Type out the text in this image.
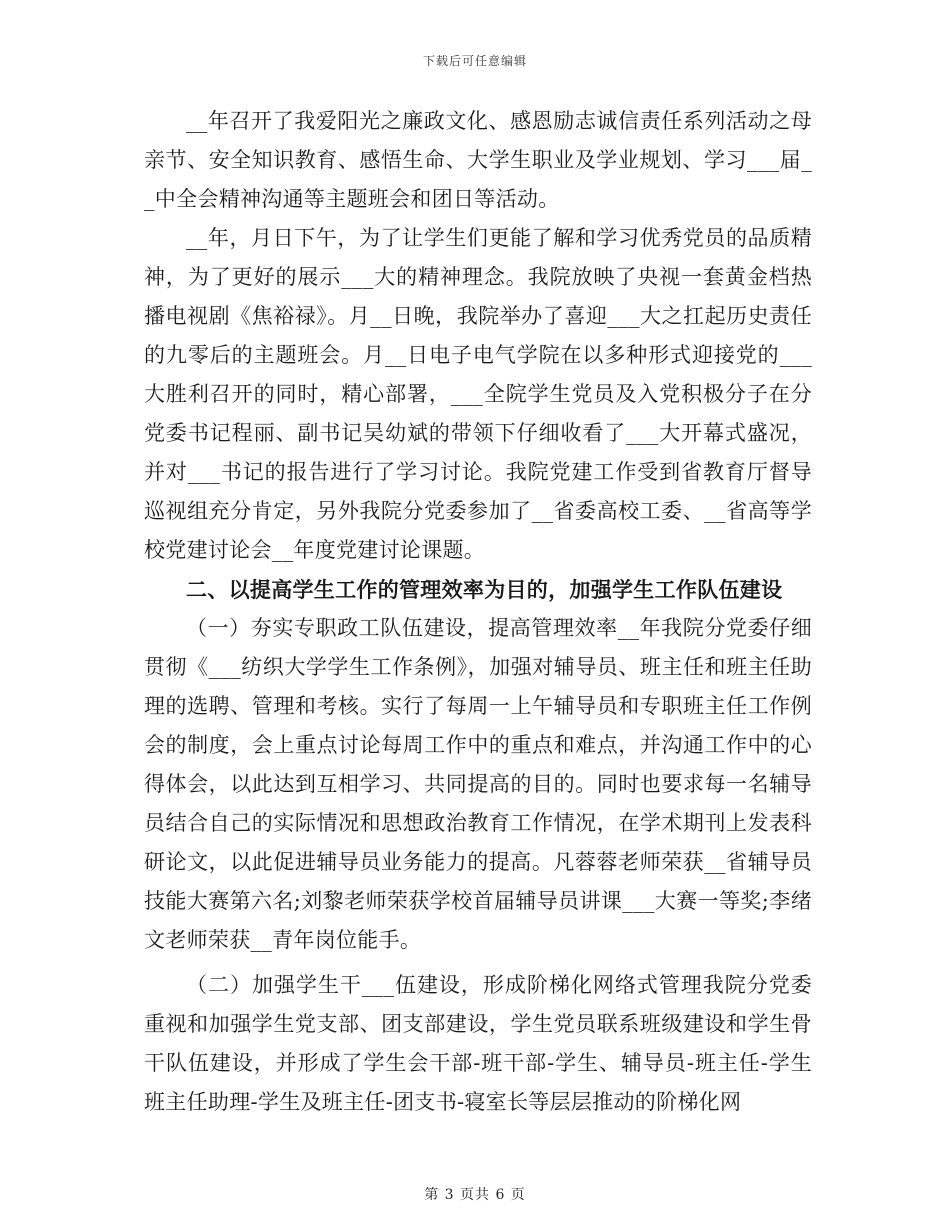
下载后可任意编辑

__年召开了我爱阳光之廉政文化、感恩励志诚信责任系列活动之母亲节、安全知识教育、感悟生命、大学生职业及学业规划、学习___届__中全会精神沟通等主题班会和团日等活动。

__年，月日下午，为了让学生们更能了解和学习优秀党员的品质精神，为了更好的展示___大的精神理念。我院放映了央视一套黄金档热播电视剧《焦裕禄》。月__日晚，我院举办了喜迎___大之扛起历史责任的九零后的主题班会。月__日电子电气学院在以多种形式迎接党的___大胜利召开的同时，精心部署，___全院学生党员及入党积极分子在分党委书记程丽、副书记吴幼斌的带领下仔细收看了___大开幕式盛况，并对___书记的报告进行了学习讨论。我院党建工作受到省教育厅督导巡视组充分肯定，另外我院分党委参加了__省委高校工委、__省高等学校党建讨论会__年度党建讨论课题。

二、以提高学生工作的管理效率为目的，加强学生工作队伍建设

（一）夯实专职政工队伍建设，提高管理效率__年我院分党委仔细贯彻《___纺织大学学生工作条例》，加强对辅导员、班主任和班主任助理的选聘、管理和考核。实行了每周一上午辅导员和专职班主任工作例会的制度，会上重点讨论每周工作中的重点和难点，并沟通工作中的心得体会，以此达到互相学习、共同提高的目的。同时也要求每一名辅导员结合自己的实际情况和思想政治教育工作情况，在学术期刊上发表科研论文，以此促进辅导员业务能力的提高。凡蓉蓉老师荣获__省辅导员技能大赛第六名;刘黎老师荣获学校首届辅导员讲课___大赛一等奖;李绪文老师荣获__青年岗位能手。

（二）加强学生干___伍建设，形成阶梯化网络式管理我院分党委重视和加强学生党支部、团支部建设，学生党员联系班级建设和学生骨干队伍建设，并形成了学生会干部-班干部-学生、辅导员-班主任-学生班主任助理-学生及班主任-团支书-寝室长等层层推动的阶梯化网

第 3 页共 6 页
